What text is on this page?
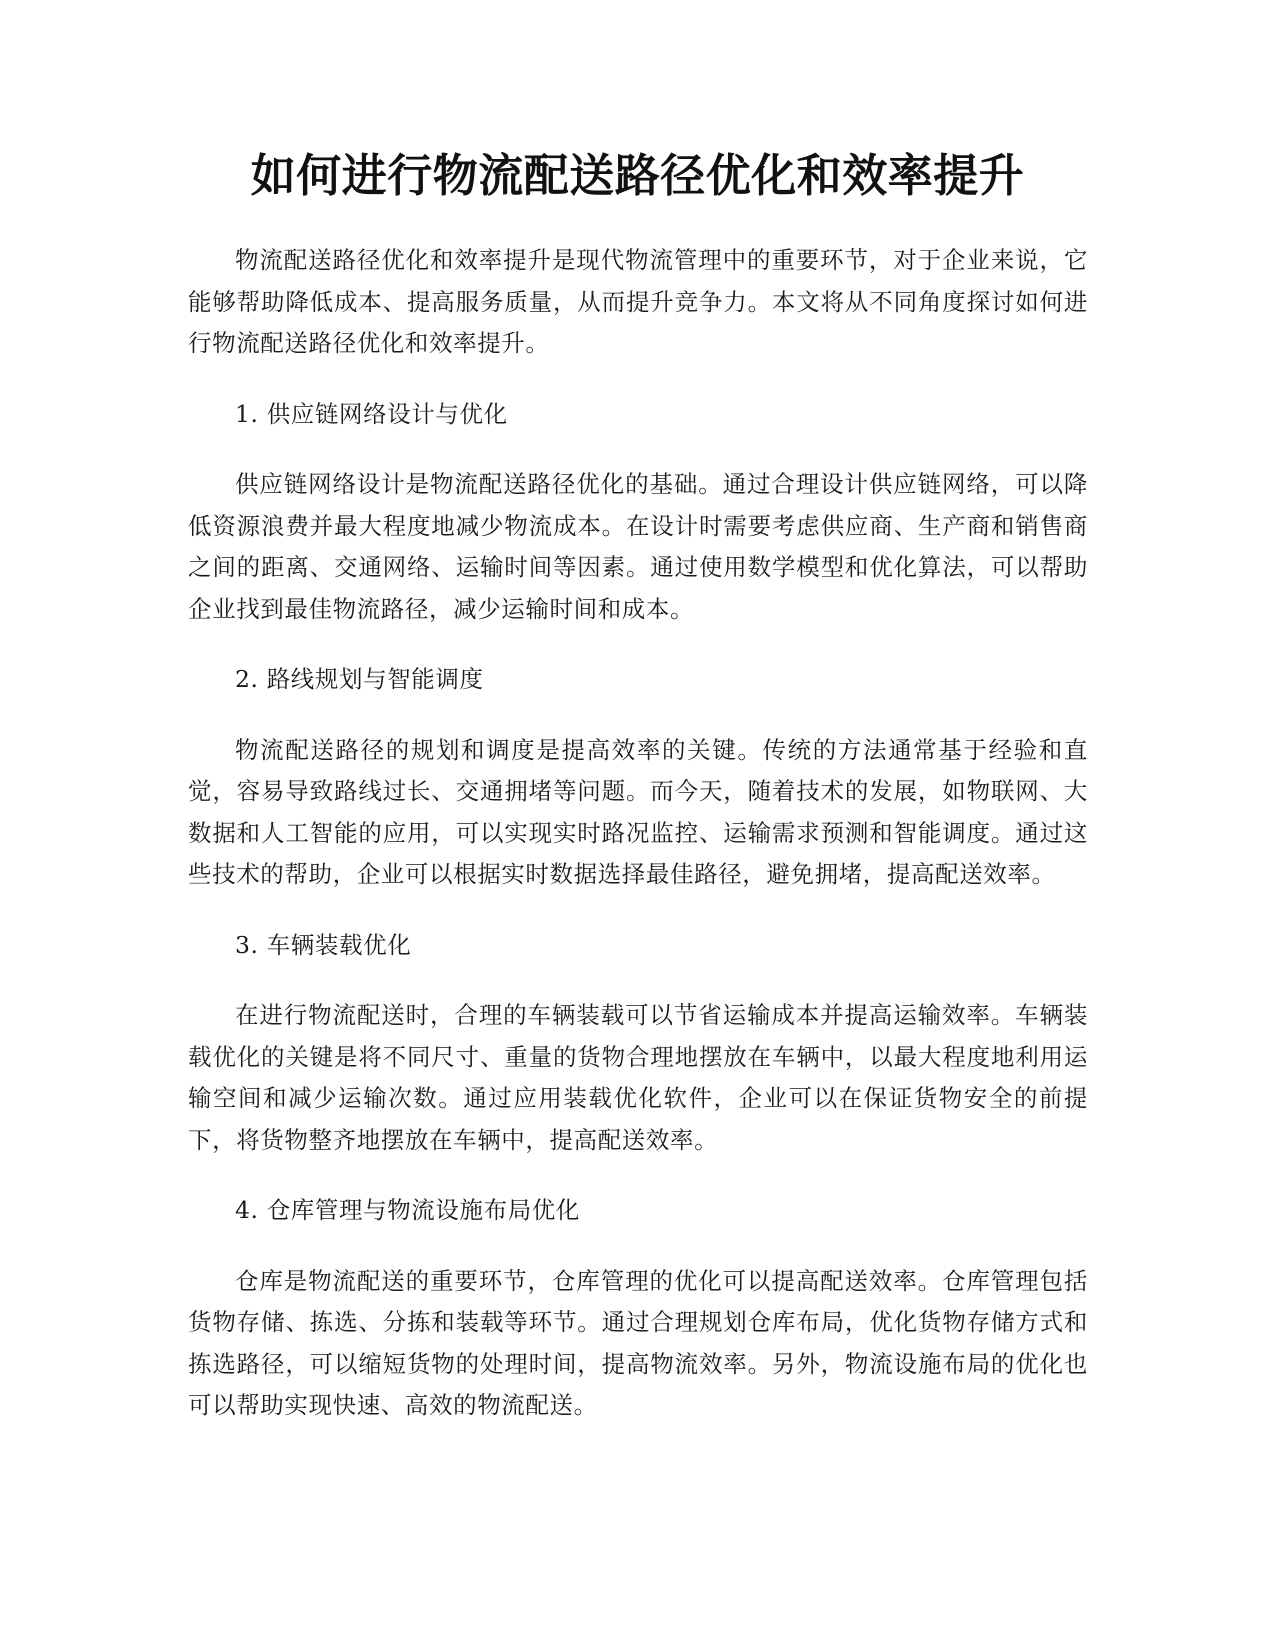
如何进行物流配送路径优化和效率提升

物流配送路径优化和效率提升是现代物流管理中的重要环节，对于企业来说，它能够帮助降低成本、提高服务质量，从而提升竞争力。本文将从不同角度探讨如何进行物流配送路径优化和效率提升。

1. 供应链网络设计与优化

供应链网络设计是物流配送路径优化的基础。通过合理设计供应链网络，可以降低资源浪费并最大程度地减少物流成本。在设计时需要考虑供应商、生产商和销售商之间的距离、交通网络、运输时间等因素。通过使用数学模型和优化算法，可以帮助企业找到最佳物流路径，减少运输时间和成本。

2. 路线规划与智能调度

物流配送路径的规划和调度是提高效率的关键。传统的方法通常基于经验和直觉，容易导致路线过长、交通拥堵等问题。而今天，随着技术的发展，如物联网、大数据和人工智能的应用，可以实现实时路况监控、运输需求预测和智能调度。通过这些技术的帮助，企业可以根据实时数据选择最佳路径，避免拥堵，提高配送效率。

3. 车辆装载优化

在进行物流配送时，合理的车辆装载可以节省运输成本并提高运输效率。车辆装载优化的关键是将不同尺寸、重量的货物合理地摆放在车辆中，以最大程度地利用运输空间和减少运输次数。通过应用装载优化软件，企业可以在保证货物安全的前提下，将货物整齐地摆放在车辆中，提高配送效率。

4. 仓库管理与物流设施布局优化

仓库是物流配送的重要环节，仓库管理的优化可以提高配送效率。仓库管理包括货物存储、拣选、分拣和装载等环节。通过合理规划仓库布局，优化货物存储方式和拣选路径，可以缩短货物的处理时间，提高物流效率。另外，物流设施布局的优化也可以帮助实现快速、高效的物流配送。
